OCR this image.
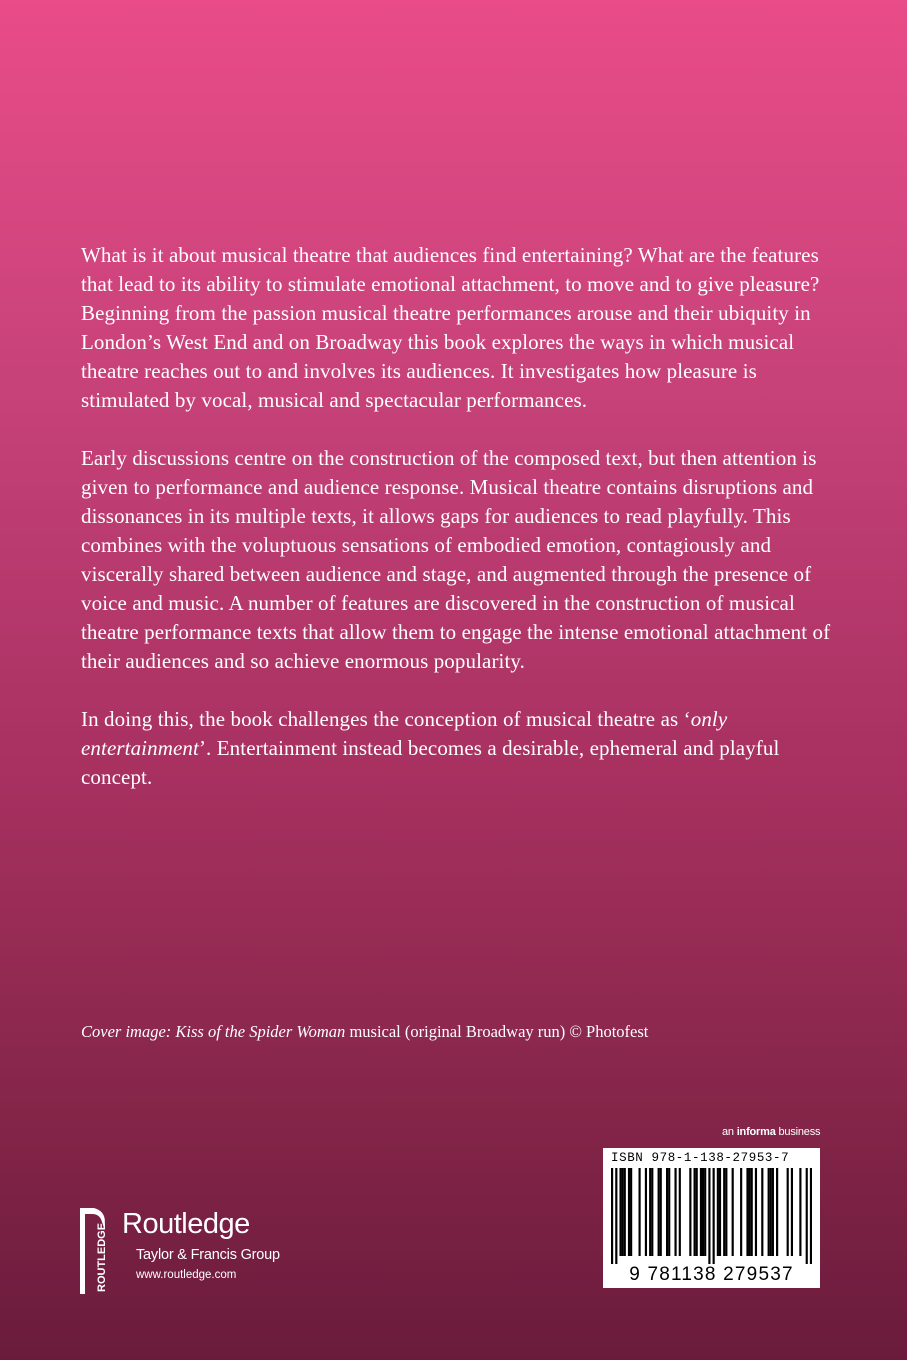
What is it about musical theatre that audiences find entertaining? What are the features that lead to its ability to stimulate emotional attachment, to move and to give pleasure? Beginning from the passion musical theatre performances arouse and their ubiquity in London’s West End and on Broadway this book explores the ways in which musical theatre reaches out to and involves its audiences. It investigates how pleasure is stimulated by vocal, musical and spectacular performances.

Early discussions centre on the construction of the composed text, but then attention is given to performance and audience response. Musical theatre contains disruptions and dissonances in its multiple texts, it allows gaps for audiences to read playfully. This combines with the voluptuous sensations of embodied emotion, contagiously and viscerally shared between audience and stage, and augmented through the presence of voice and music. A number of features are discovered in the construction of musical theatre performance texts that allow them to engage the intense emotional attachment of their audiences and so achieve enormous popularity.

In doing this, the book challenges the conception of musical theatre as ‘only entertainment’. Entertainment instead becomes a desirable, ephemeral and playful concept.

Cover image: Kiss of the Spider Woman musical (original Broadway run) © Photofest
an informa business
ISBN 978-1-138-27953-7
9 781138 279537
ROUTLEDGE Routledge
Taylor & Francis Group
www.routledge.com
